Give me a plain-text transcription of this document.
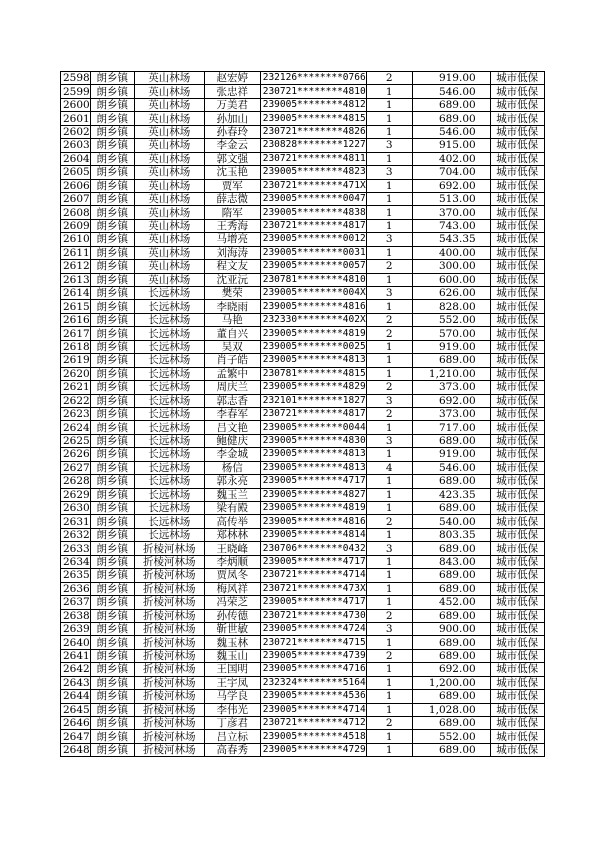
2598	朗乡镇	英山林场	赵宏婷	232126********0766	2	919.00	城市低保
2599	朗乡镇	英山林场	张忠祥	230721********4810	1	546.00	城市低保
2600	朗乡镇	英山林场	万美君	239005********4812	1	689.00	城市低保
2601	朗乡镇	英山林场	孙加山	239005********4815	1	689.00	城市低保
2602	朗乡镇	英山林场	孙春玲	230721********4826	1	546.00	城市低保
2603	朗乡镇	英山林场	李金云	230828********1227	3	915.00	城市低保
2604	朗乡镇	英山林场	郭文强	230721********4811	1	402.00	城市低保
2605	朗乡镇	英山林场	沈玉艳	239005********4823	3	704.00	城市低保
2606	朗乡镇	英山林场	贾军	230721********471X	1	692.00	城市低保
2607	朗乡镇	英山林场	薛志微	239005********0047	1	513.00	城市低保
2608	朗乡镇	英山林场	隋军	239005********4838	1	370.00	城市低保
2609	朗乡镇	英山林场	王秀海	230721********4817	1	743.00	城市低保
2610	朗乡镇	英山林场	马增亮	239005********0012	3	543.35	城市低保
2611	朗乡镇	英山林场	刘海涛	239005********0031	1	400.00	城市低保
2612	朗乡镇	英山林场	程文友	239005********0057	2	300.00	城市低保
2613	朗乡镇	英山林场	沈亚沅	230781********4810	1	600.00	城市低保
2614	朗乡镇	长远林场	樊荣	239005********004X	3	626.00	城市低保
2615	朗乡镇	长远林场	李晓雨	239005********4816	1	828.00	城市低保
2616	朗乡镇	长远林场	马艳	232330********402X	2	552.00	城市低保
2617	朗乡镇	长远林场	董自兴	239005********4819	2	570.00	城市低保
2618	朗乡镇	长远林场	吴双	239005********0025	1	919.00	城市低保
2619	朗乡镇	长远林场	肖子皓	239005********4813	1	689.00	城市低保
2620	朗乡镇	长远林场	孟繁中	230781********4815	1	1,210.00	城市低保
2621	朗乡镇	长远林场	周庆兰	239005********4829	2	373.00	城市低保
2622	朗乡镇	长远林场	郭志香	232101********1827	3	692.00	城市低保
2623	朗乡镇	长远林场	李春军	230721********4817	2	373.00	城市低保
2624	朗乡镇	长远林场	吕文艳	239005********0044	1	717.00	城市低保
2625	朗乡镇	长远林场	鲍健庆	239005********4830	3	689.00	城市低保
2626	朗乡镇	长远林场	李金城	239005********4813	1	919.00	城市低保
2627	朗乡镇	长远林场	杨信	239005********4813	4	546.00	城市低保
2628	朗乡镇	长远林场	郭永亮	239005********4717	1	689.00	城市低保
2629	朗乡镇	长远林场	魏玉兰	239005********4827	1	423.35	城市低保
2630	朗乡镇	长远林场	梁有殿	239005********4819	1	689.00	城市低保
2631	朗乡镇	长远林场	高传举	239005********4816	2	540.00	城市低保
2632	朗乡镇	长远林场	郑林林	239005********4814	1	803.35	城市低保
2633	朗乡镇	折棱河林场	王晓峰	230706********0432	3	689.00	城市低保
2634	朗乡镇	折棱河林场	李炳顺	239005********4717	1	843.00	城市低保
2635	朗乡镇	折棱河林场	贾凤冬	230721********4714	1	689.00	城市低保
2636	朗乡镇	折棱河林场	梅风祥	230721********473X	1	689.00	城市低保
2637	朗乡镇	折棱河林场	冯荣芝	239005********4717	1	452.00	城市低保
2638	朗乡镇	折棱河林场	孙传德	230721********4730	2	689.00	城市低保
2639	朗乡镇	折棱河林场	靳世敏	239005********4724	3	900.00	城市低保
2640	朗乡镇	折棱河林场	魏玉林	230721********4715	1	689.00	城市低保
2641	朗乡镇	折棱河林场	魏玉山	239005********4739	2	689.00	城市低保
2642	朗乡镇	折棱河林场	王国明	239005********4716	1	692.00	城市低保
2643	朗乡镇	折棱河林场	王宇凤	232324********5164	1	1,200.00	城市低保
2644	朗乡镇	折棱河林场	马学良	239005********4536	1	689.00	城市低保
2645	朗乡镇	折棱河林场	李伟光	239005********4714	1	1,028.00	城市低保
2646	朗乡镇	折棱河林场	丁彦君	230721********4712	2	689.00	城市低保
2647	朗乡镇	折棱河林场	吕立标	239005********4518	1	552.00	城市低保
2648	朗乡镇	折棱河林场	高春秀	239005********4729	1	689.00	城市低保
